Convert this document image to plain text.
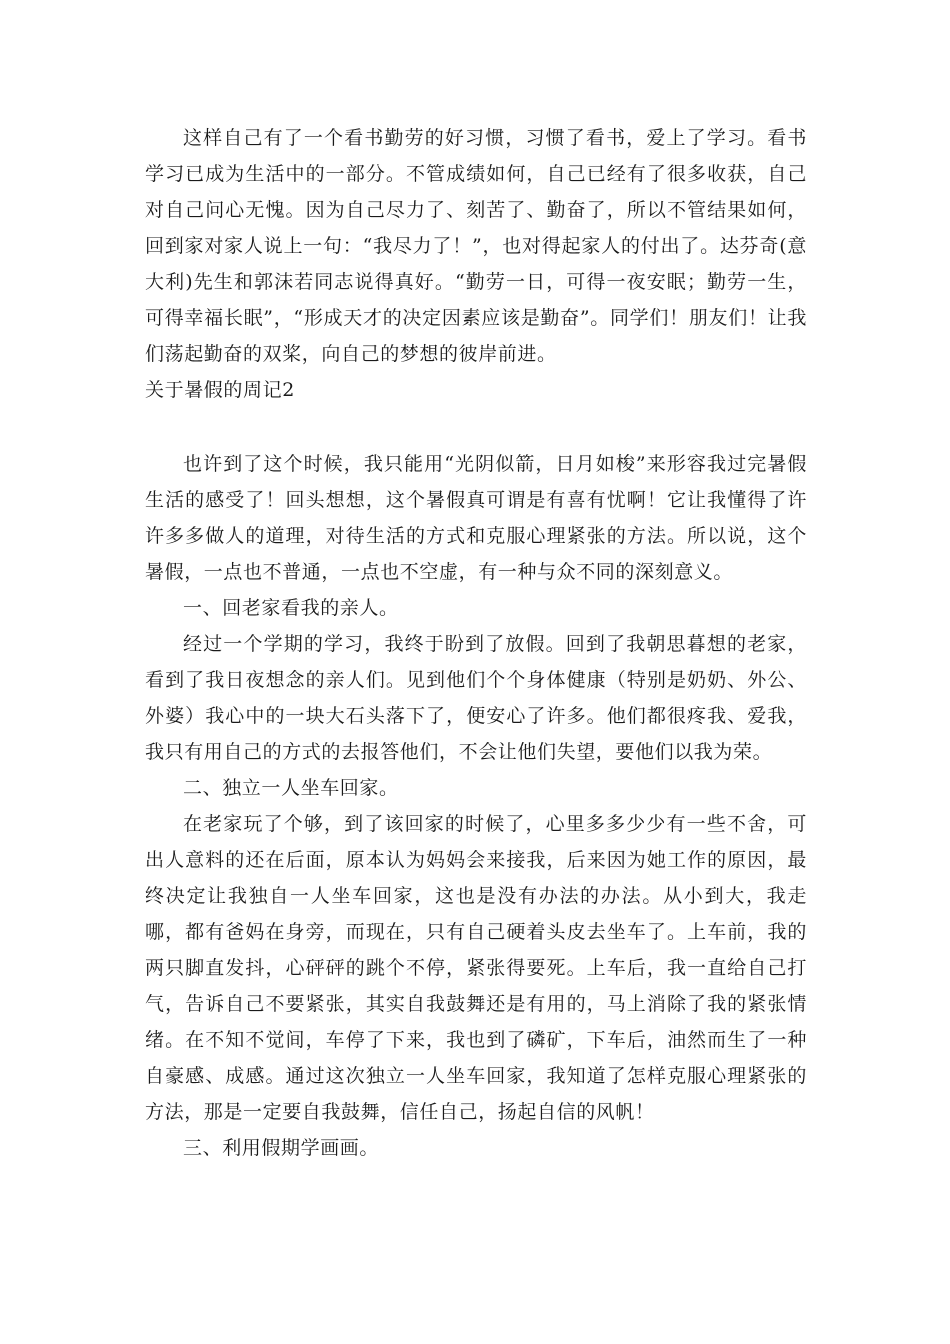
这样自己有了一个看书勤劳的好习惯，习惯了看书，爱上了学习。看书学习已成为生活中的一部分。不管成绩如何，自己已经有了很多收获，自己对自己问心无愧。因为自己尽力了、刻苦了、勤奋了，所以不管结果如何，回到家对家人说上一句：“我尽力了！”，也对得起家人的付出了。达芬奇(意大利)先生和郭沫若同志说得真好。“勤劳一日，可得一夜安眠；勤劳一生，可得幸福长眠”，“形成天才的决定因素应该是勤奋”。同学们！朋友们！让我们荡起勤奋的双桨，向自己的梦想的彼岸前进。

关于暑假的周记2

也许到了这个时候，我只能用“光阴似箭，日月如梭”来形容我过完暑假生活的感受了！回头想想，这个暑假真可谓是有喜有忧啊！它让我懂得了许许多多做人的道理，对待生活的方式和克服心理紧张的方法。所以说，这个暑假，一点也不普通，一点也不空虚，有一种与众不同的深刻意义。

一、回老家看我的亲人。

经过一个学期的学习，我终于盼到了放假。回到了我朝思暮想的老家，看到了我日夜想念的亲人们。见到他们个个身体健康（特别是奶奶、外公、外婆）我心中的一块大石头落下了，便安心了许多。他们都很疼我、爱我，我只有用自己的方式的去报答他们，不会让他们失望，要他们以我为荣。

二、独立一人坐车回家。

在老家玩了个够，到了该回家的时候了，心里多多少少有一些不舍，可出人意料的还在后面，原本认为妈妈会来接我，后来因为她工作的原因，最终决定让我独自一人坐车回家，这也是没有办法的办法。从小到大，我走哪，都有爸妈在身旁，而现在，只有自己硬着头皮去坐车了。上车前，我的两只脚直发抖，心砰砰的跳个不停，紧张得要死。上车后，我一直给自己打气，告诉自己不要紧张，其实自我鼓舞还是有用的，马上消除了我的紧张情绪。在不知不觉间，车停了下来，我也到了磷矿，下车后，油然而生了一种自豪感、成感。通过这次独立一人坐车回家，我知道了怎样克服心理紧张的方法，那是一定要自我鼓舞，信任自己，扬起自信的风帆！

三、利用假期学画画。
